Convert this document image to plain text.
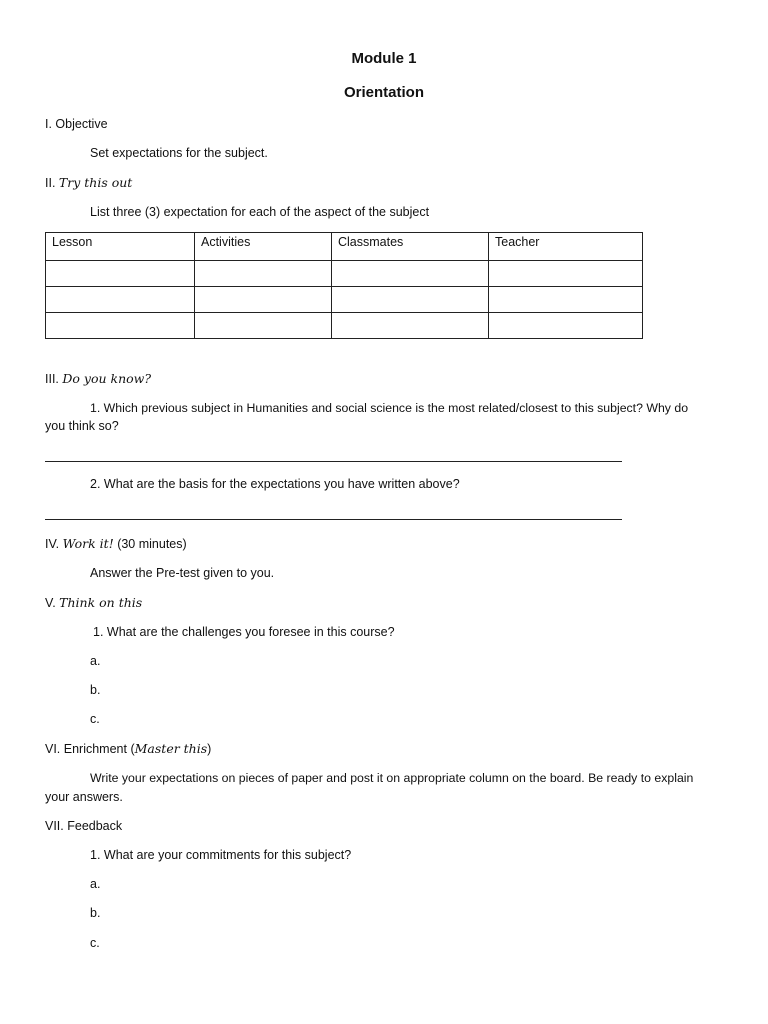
Module 1
Orientation
I. Objective
Set expectations for the subject.
II. Try this out
List three (3) expectation for each of the aspect of the subject
Lesson	Activities	Classmates	Teacher

III. Do you know?
1. Which previous subject in Humanities and social science is the most related/closest to this subject? Why do
you think so?
2. What are the basis for the expectations you have written above?
IV. Work it! (30 minutes)
Answer the Pre-test given to you.
V. Think on this
1. What are the challenges you foresee in this course?
a.
b.
c.
VI. Enrichment (Master this)
Write your expectations on pieces of paper and post it on appropriate column on the board. Be ready to explain
your answers.
VII. Feedback
1. What are your commitments for this subject?
a.
b.
c.
